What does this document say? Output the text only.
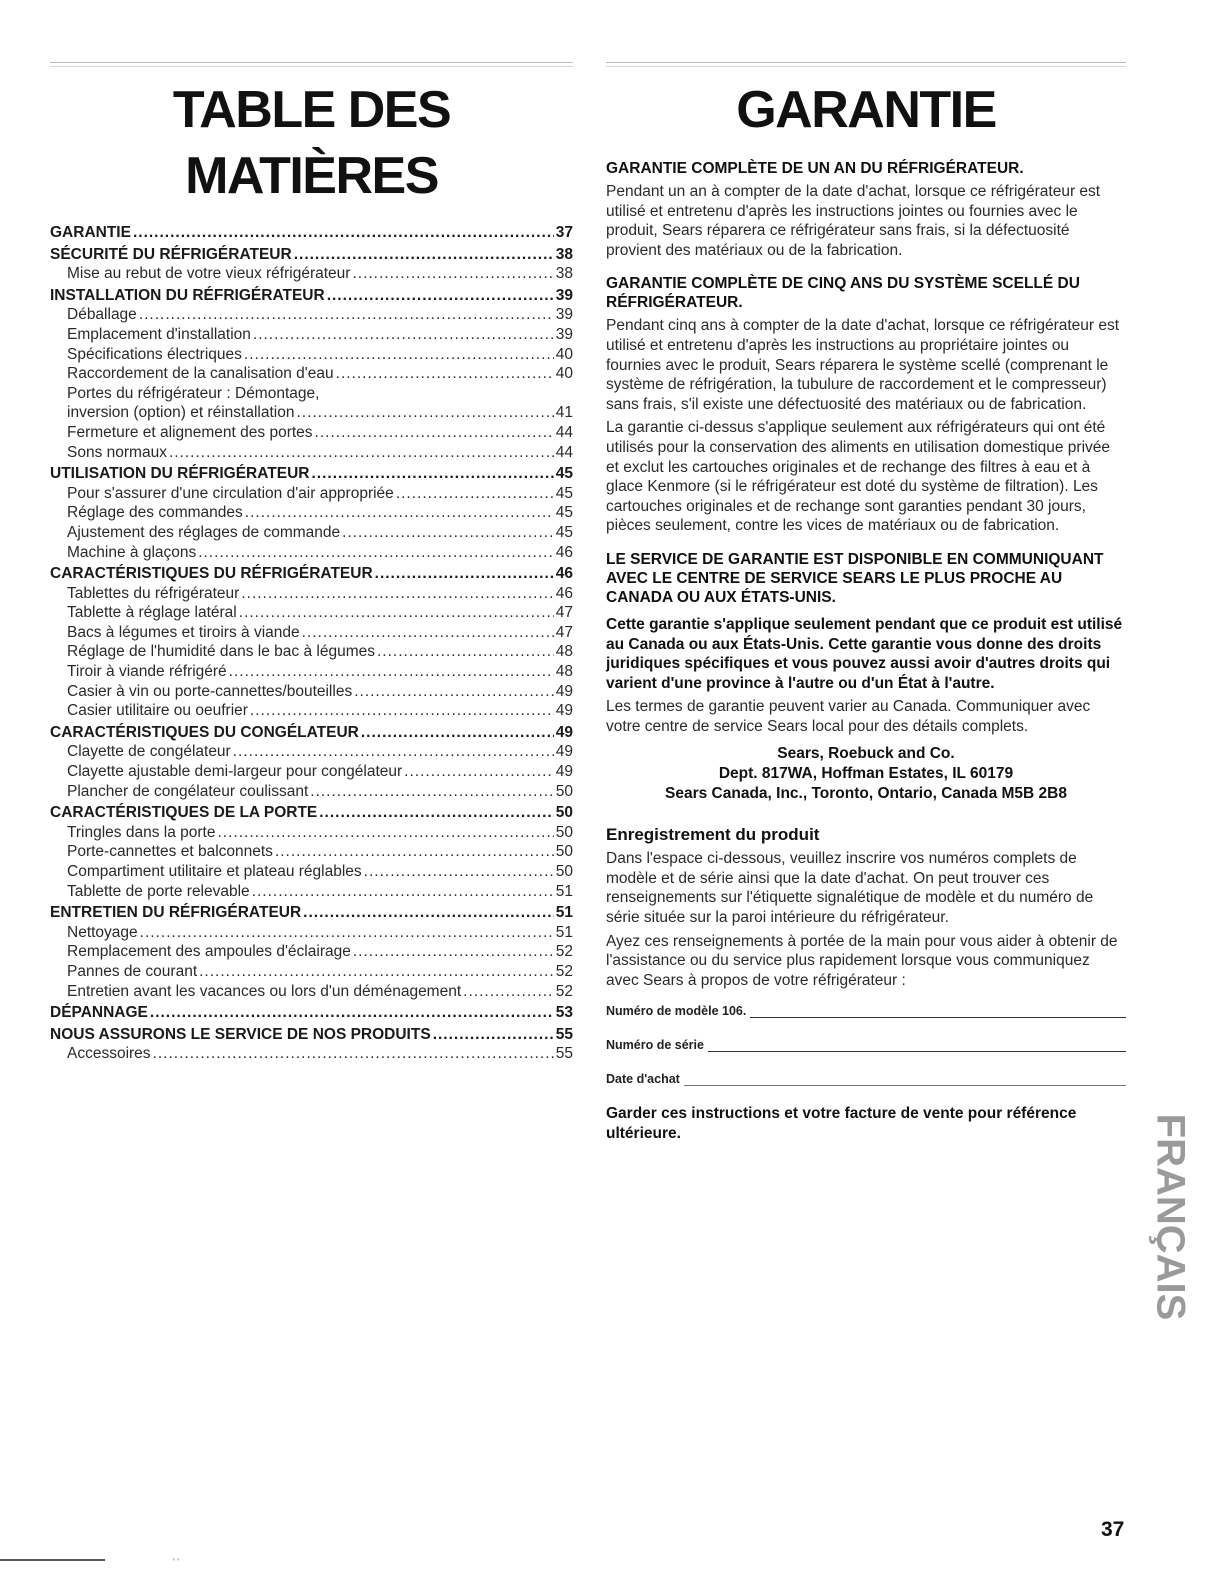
TABLE DES MATIÈRES
GARANTIE .....	37
SÉCURITÉ DU RÉFRIGÉRATEUR .....	38
Mise au rebut de votre vieux réfrigérateur .....	38
INSTALLATION DU RÉFRIGÉRATEUR .....	39
Déballage .....	39
Emplacement d'installation .....	39
Spécifications électriques .....	40
Raccordement de la canalisation d'eau .....	40
Portes du réfrigérateur : Démontage,
inversion (option) et réinstallation .....	41
Fermeture et alignement des portes .....	44
Sons normaux .....	44
UTILISATION DU RÉFRIGÉRATEUR .....	45
Pour s'assurer d'une circulation d'air appropriée .....	45
Réglage des commandes .....	45
Ajustement des réglages de commande .....	45
Machine à glaçons .....	46
CARACTÉRISTIQUES DU RÉFRIGÉRATEUR .....	46
Tablettes du réfrigérateur .....	46
Tablette à réglage latéral .....	47
Bacs à légumes et tiroirs à viande .....	47
Réglage de l'humidité dans le bac à légumes .....	48
Tiroir à viande réfrigéré .....	48
Casier à vin ou porte-cannettes/bouteilles .....	49
Casier utilitaire ou oeufrier .....	49
CARACTÉRISTIQUES DU CONGÉLATEUR .....	49
Clayette de congélateur .....	49
Clayette ajustable demi-largeur pour congélateur .....	49
Plancher de congélateur coulissant .....	50
CARACTÉRISTIQUES DE LA PORTE .....	50
Tringles dans la porte .....	50
Porte-cannettes et balconnets .....	50
Compartiment utilitaire et plateau réglables .....	50
Tablette de porte relevable .....	51
ENTRETIEN DU RÉFRIGÉRATEUR .....	51
Nettoyage .....	51
Remplacement des ampoules d'éclairage .....	52
Pannes de courant .....	52
Entretien avant les vacances ou lors d'un déménagement .....	52
DÉPANNAGE .....	53
NOUS ASSURONS LE SERVICE DE NOS PRODUITS .....	55
Accessoires .....	55
GARANTIE
GARANTIE COMPLÈTE DE UN AN DU RÉFRIGÉRATEUR.

Pendant un an à compter de la date d'achat, lorsque ce réfrigérateur est utilisé et entretenu d'après les instructions jointes ou fournies avec le produit, Sears réparera ce réfrigérateur sans frais, si la défectuosité provient des matériaux ou de la fabrication.

GARANTIE COMPLÈTE DE CINQ ANS DU SYSTÈME SCELLÉ DU RÉFRIGÉRATEUR.

Pendant cinq ans à compter de la date d'achat, lorsque ce réfrigérateur est utilisé et entretenu d'après les instructions au propriétaire jointes ou fournies avec le produit, Sears réparera le système scellé (comprenant le système de réfrigération, la tubulure de raccordement et le compresseur) sans frais, s'il existe une défectuosité des matériaux ou de fabrication.

La garantie ci-dessus s'applique seulement aux réfrigérateurs qui ont été utilisés pour la conservation des aliments en utilisation domestique privée et exclut les cartouches originales et de rechange des filtres à eau et à glace Kenmore (si le réfrigérateur est doté du système de filtration). Les cartouches originales et de rechange sont garanties pendant 30 jours, pièces seulement, contre les vices de matériaux ou de fabrication.

LE SERVICE DE GARANTIE EST DISPONIBLE EN COMMUNIQUANT AVEC LE CENTRE DE SERVICE SEARS LE PLUS PROCHE AU CANADA OU AUX ÉTATS-UNIS.

Cette garantie s'applique seulement pendant que ce produit est utilisé au Canada ou aux États-Unis. Cette garantie vous donne des droits juridiques spécifiques et vous pouvez aussi avoir d'autres droits qui varient d'une province à l'autre ou d'un État à l'autre.

Les termes de garantie peuvent varier au Canada. Communiquer avec votre centre de service Sears local pour des détails complets.

Sears, Roebuck and Co.
Dept. 817WA, Hoffman Estates, IL 60179
Sears Canada, Inc., Toronto, Ontario, Canada M5B 2B8
Enregistrement du produit

Dans l'espace ci-dessous, veuillez inscrire vos numéros complets de modèle et de série ainsi que la date d'achat. On peut trouver ces renseignements sur l'étiquette signalétique de modèle et du numéro de série située sur la paroi intérieure du réfrigérateur.

Ayez ces renseignements à portée de la main pour vous aider à obtenir de l'assistance ou du service plus rapidement lorsque vous communiquez avec Sears à propos de votre réfrigérateur :

Numéro de modèle 106.
Numéro de série
Date d'achat

Garder ces instructions et votre facture de vente pour référence ultérieure.	FRANÇAIS
37
' '
